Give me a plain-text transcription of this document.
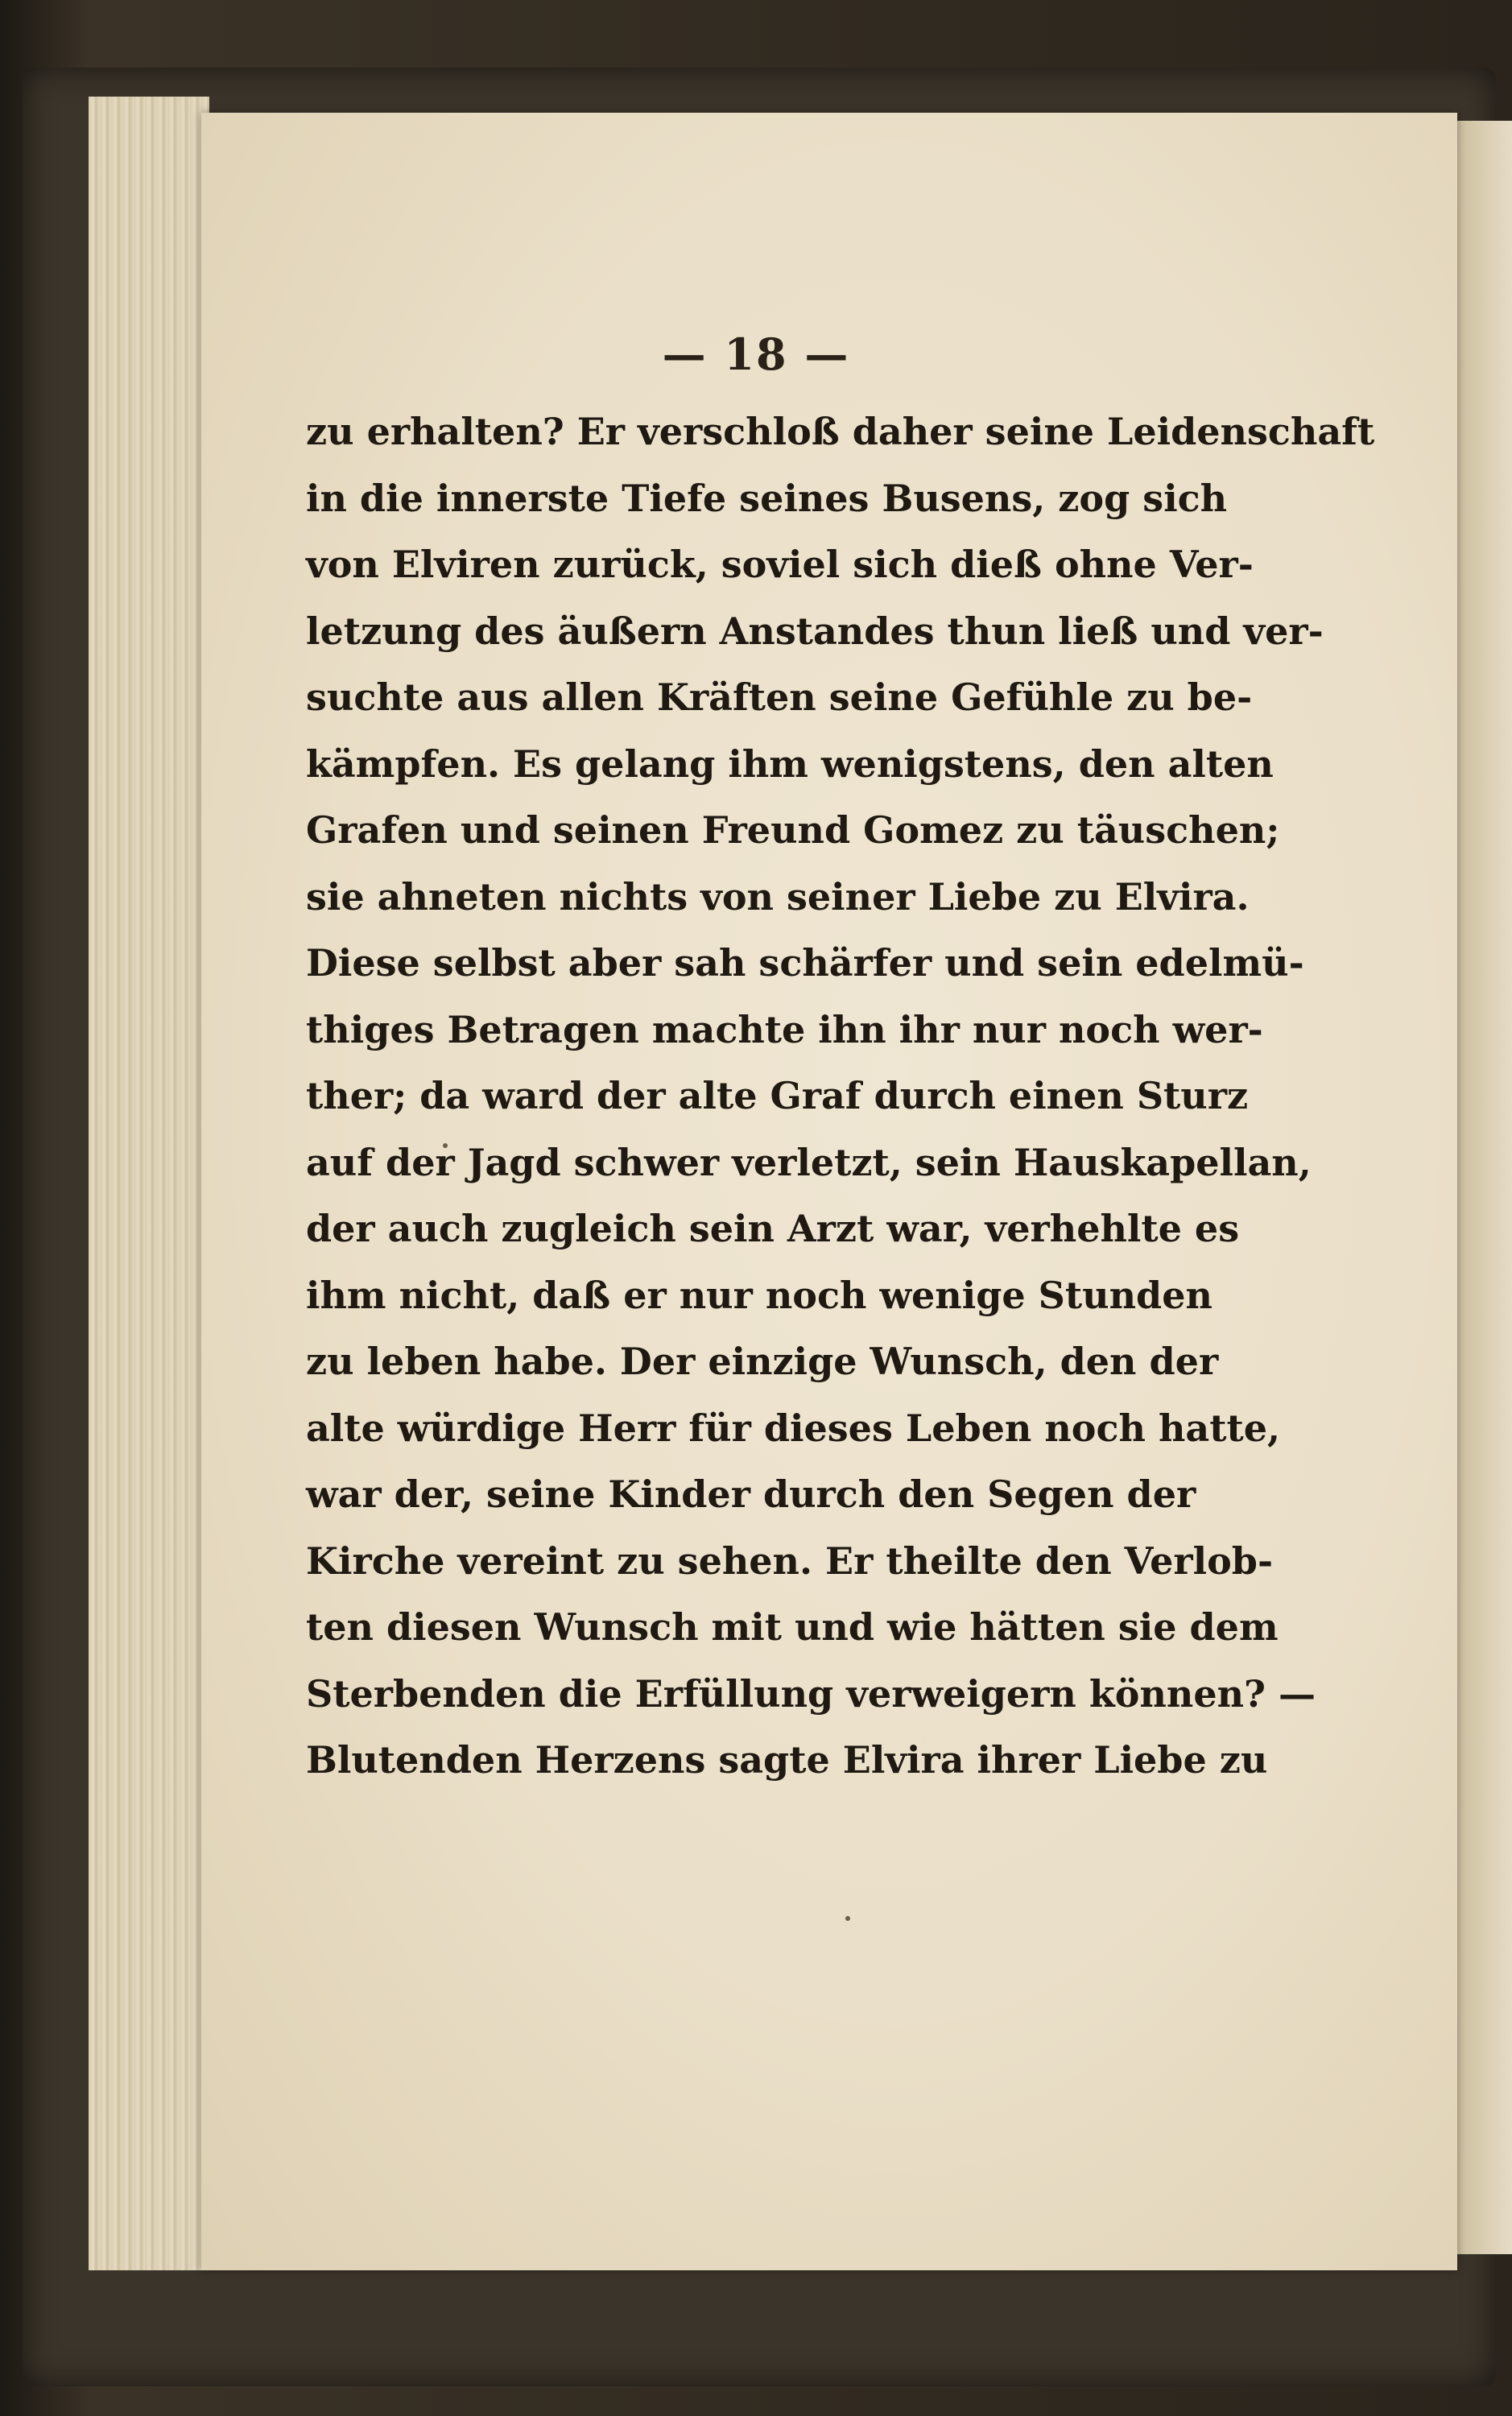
— 18 —
zu erhalten? Er verschloß daher seine Leidenschaft
in die innerste Tiefe seines Busens, zog sich
von Elviren zurück, soviel sich dieß ohne Ver-
letzung des äußern Anstandes thun ließ und ver-
suchte aus allen Kräften seine Gefühle zu be-
kämpfen. Es gelang ihm wenigstens, den alten
Grafen und seinen Freund Gomez zu täuschen;
sie ahneten nichts von seiner Liebe zu Elvira.
Diese selbst aber sah schärfer und sein edelmü-
thiges Betragen machte ihn ihr nur noch wer-
ther; da ward der alte Graf durch einen Sturz
auf der Jagd schwer verletzt, sein Hauskapellan,
der auch zugleich sein Arzt war, verhehlte es
ihm nicht, daß er nur noch wenige Stunden
zu leben habe. Der einzige Wunsch, den der
alte würdige Herr für dieses Leben noch hatte,
war der, seine Kinder durch den Segen der
Kirche vereint zu sehen. Er theilte den Verlob-
ten diesen Wunsch mit und wie hätten sie dem
Sterbenden die Erfüllung verweigern können? —
Blutenden Herzens sagte Elvira ihrer Liebe zu
